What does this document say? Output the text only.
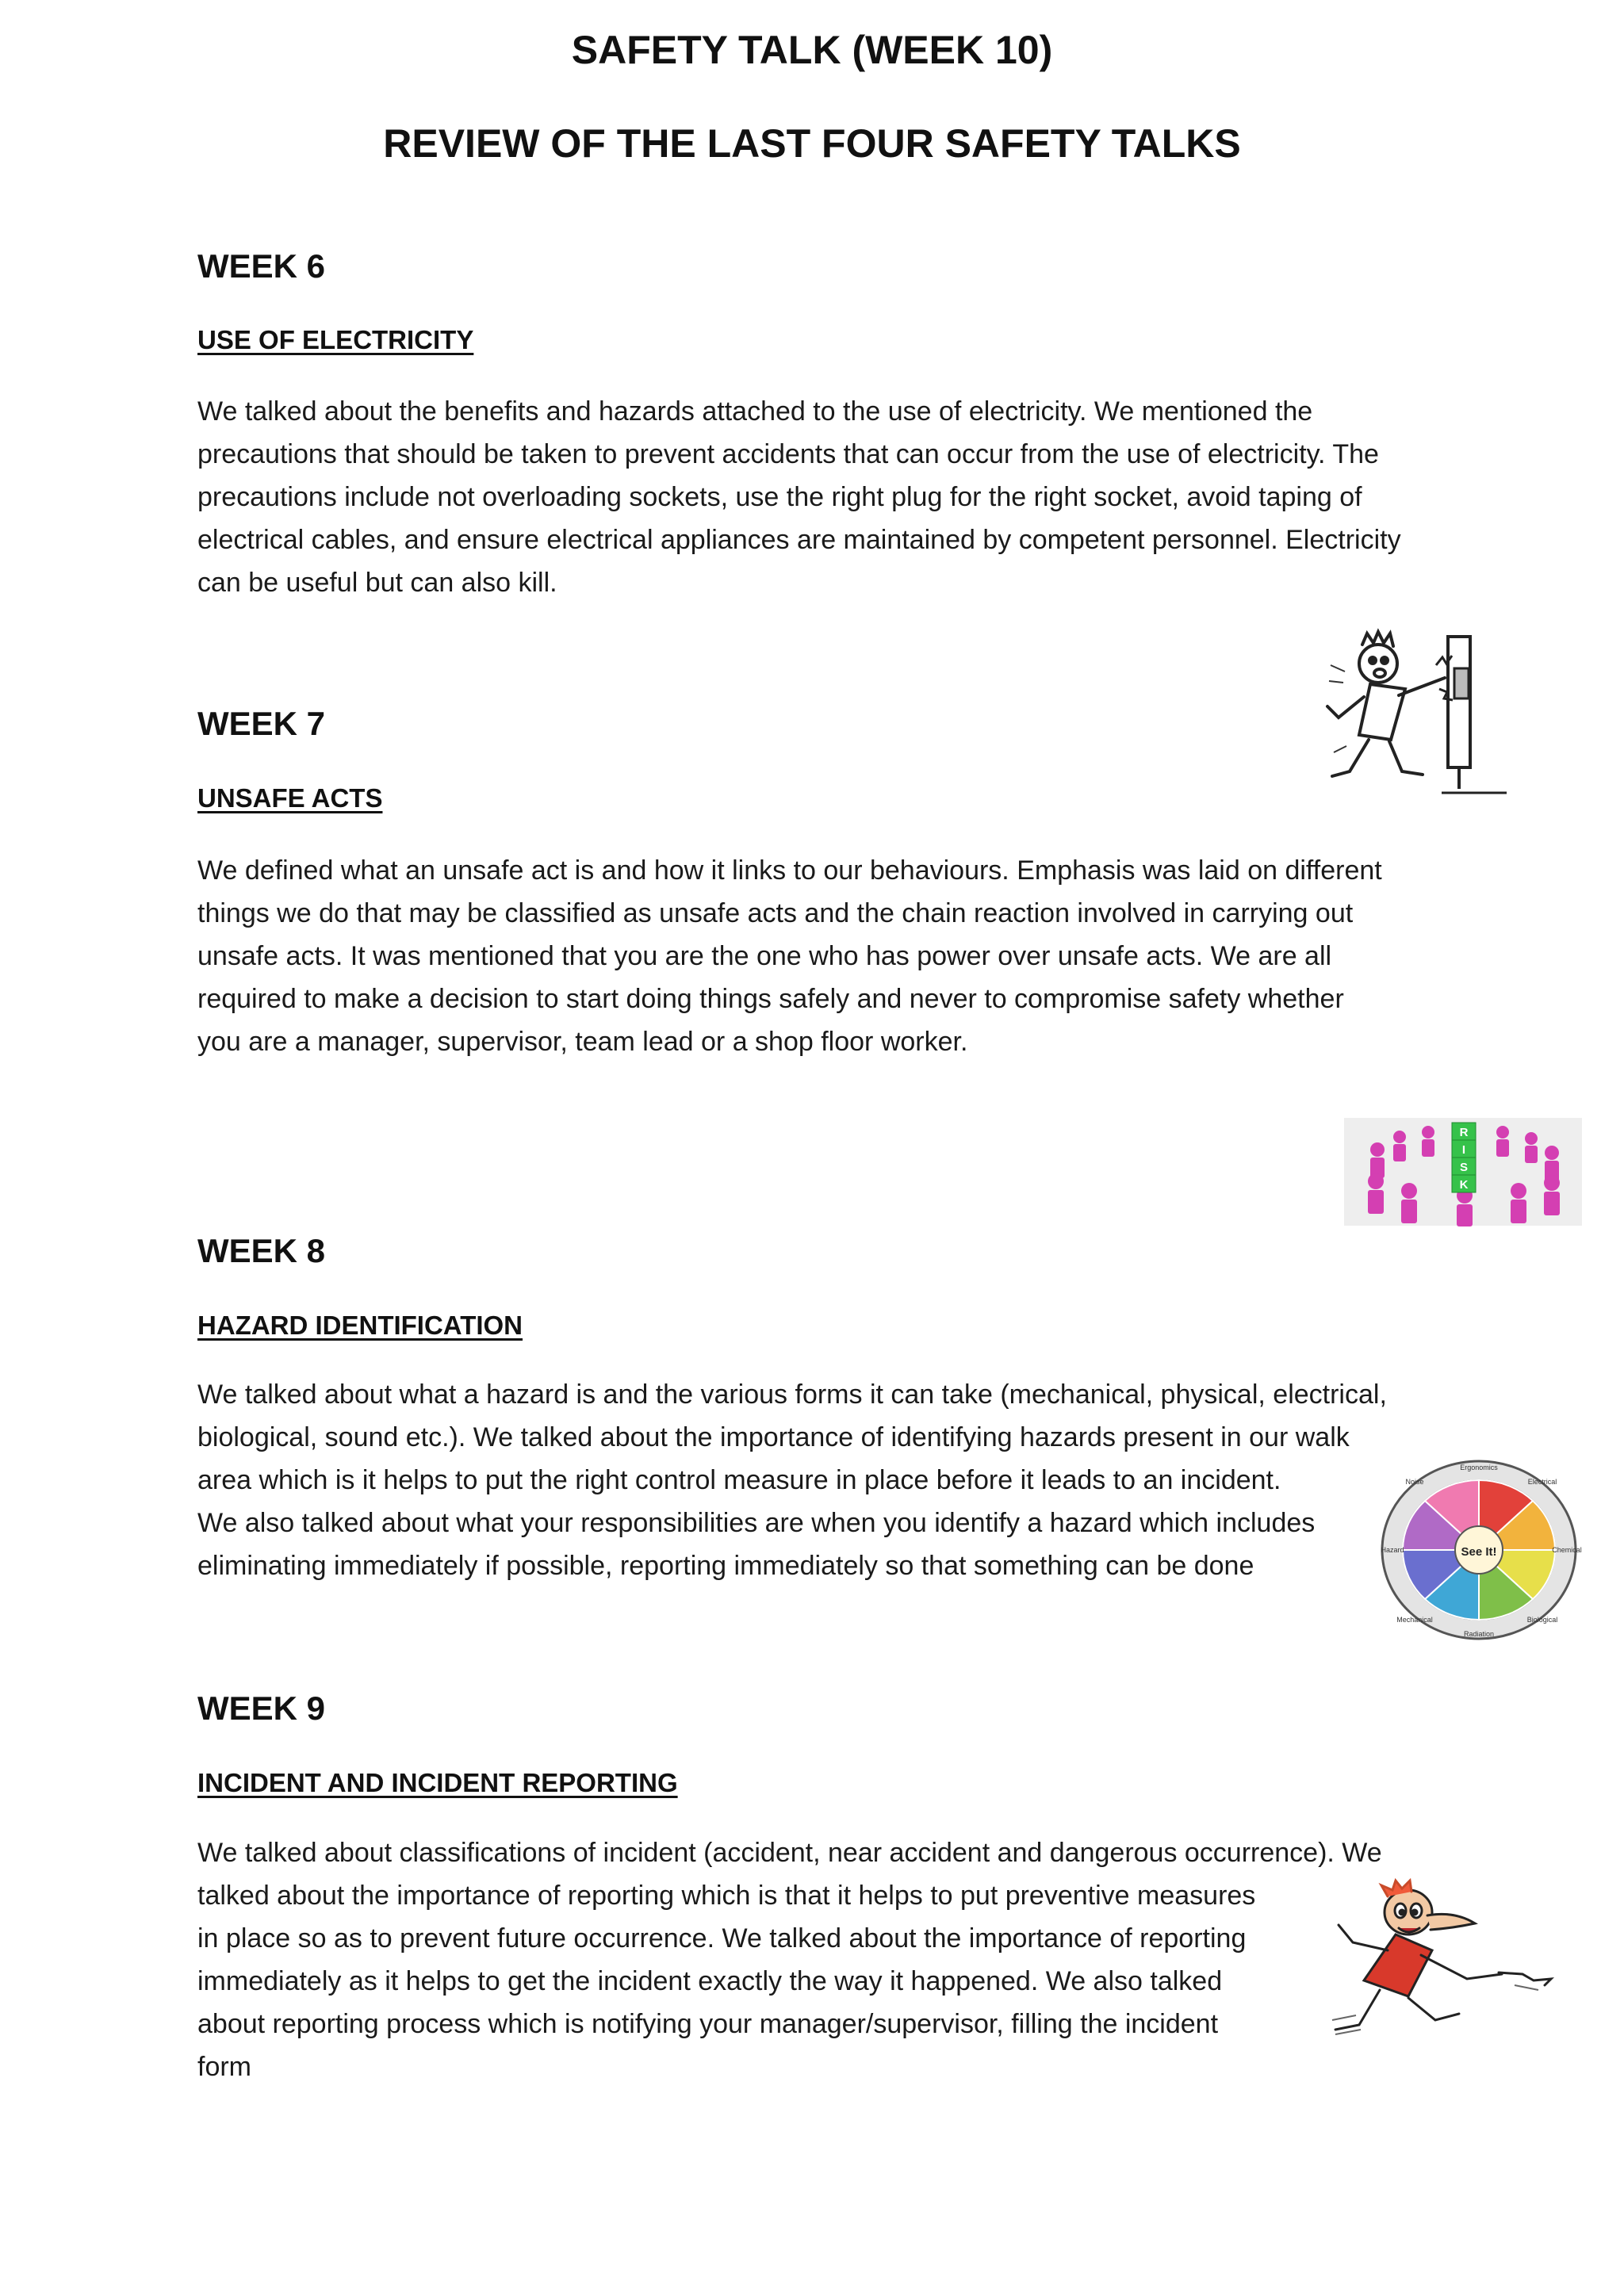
SAFETY TALK (WEEK 10)
REVIEW OF THE LAST FOUR SAFETY TALKS
WEEK 6
USE OF ELECTRICITY

We talked about the benefits and hazards attached to the use of electricity. We mentioned the
precautions that should be taken to prevent accidents that can occur from the use of electricity. The
precautions include not overloading sockets, use the right plug for the right socket, avoid taping of
electrical cables, and ensure electrical appliances are maintained by competent personnel. Electricity
can be useful but can also kill.

WEEK 7
UNSAFE ACTS

We defined what an unsafe act is and how it links to our behaviours. Emphasis was laid on different
things we do that may be classified as unsafe acts and the chain reaction involved in carrying out
unsafe acts. It was mentioned that you are the one who has power over unsafe acts. We are all
required to make a decision to start doing things safely and never to compromise safety whether
you are a manager, supervisor, team lead or a shop floor worker.

R
I
S
K
WEEK 8
HAZARD IDENTIFICATION

We talked about what a hazard is and the various forms it can take (mechanical, physical, electrical,
biological, sound etc.). We talked about the importance of identifying hazards present in our walk
area which is it helps to put the right control measure in place before it leads to an incident.
We also talked about what your responsibilities are when you identify a hazard which includes
eliminating immediately if possible, reporting immediately so that something can be done	See It!
Ergonomics
Electrical
Chemical
Biological
Radiation
Mechanical
Hazard
Noise
WEEK 9
INCIDENT AND INCIDENT REPORTING

We talked about classifications of incident (accident, near accident and dangerous occurrence). We
talked about the importance of reporting which is that it helps to put preventive measures
in place so as to prevent future occurrence. We talked about the importance of reporting
immediately as it helps to get the incident exactly the way it happened. We also talked
about reporting process which is notifying your manager/supervisor, filling the incident
form
